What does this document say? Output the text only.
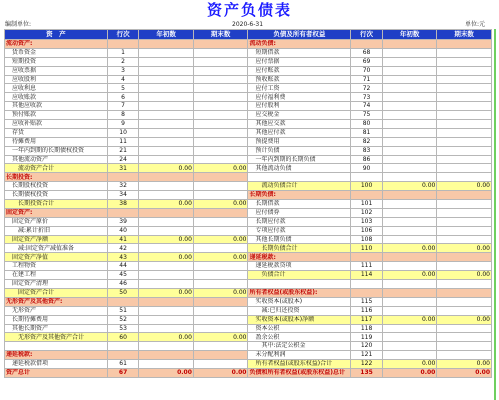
资产负债表
编制单位:	2020-6-31	单位:元
资　产	行次	年初数	期末数	负债及所有者权益	行次	年初数	期末数
流动资产:				流动负债:			
　货币资金	1			　短期借款	68		
　短期投资	2			　应付票据	69		
　应收票据	3			　应付账款	70		
　应收股利	4			　预收账款	71		
　应收利息	5			　应付工资	72		
　应收账款	6			　应付福利费	73		
　其他应收款	7			　应付股利	74		
　预付账款	8			　应交税金	75		
　应收补贴款	9			　其他应交款	80		
　存货	10			　其他应付款	81		
　待摊费用	11			　预提费用	82		
　一年内到期的长期债权投资	21			　预计负债	83		
　其他流动资产	24			　一年内到期的长期负债	86		
　　流动资产合计	31	0.00	0.00	　其他流动负债	90		
长期投资:							
　长期股权投资	32			　　流动负债合计	100	0.00	0.00
　长期债权投资	34			长期负债:			
　　长期投资合计	38	0.00	0.00	　长期借款	101		
固定资产:				　应付债券	102		
　固定资产原价	39			　长期应付款	103		
　　减:累计折旧	40			　专项应付款	106		
　固定资产净额	41	0.00	0.00	　其他长期负债	108		
　　减:固定资产减值准备	42			　　长期负债合计	110	0.00	0.00
　固定资产净值	43	0.00	0.00	递延税款:			
　工程物资	44			　递延税款贷项	111		
　在建工程	45			　　负债合计	114	0.00	0.00
　固定资产清理	46						
　　固定资产合计	50	0.00	0.00	所有者权益(或股东权益):			
无形资产及其他资产:				　实收资本(或股本)	115		
　无形资产	51			　　减:已归还投资	116		
　长期待摊费用	52			　实收资本(或股本)净额	117	0.00	0.00
　其他长期资产	53			　资本公积	118		
　　无形资产及其他资产合计	60	0.00	0.00	　盈余公积	119		
				　　其中:法定公积金	120		
递延税款:				　未分配利润	121		
　递延税款借项	61			　所有者权益(或股东权益)合计	122	0.00	0.00
资产总计	67	0.00	0.00	负债和所有者权益(或股东权益)总计	135	0.00	0.00
